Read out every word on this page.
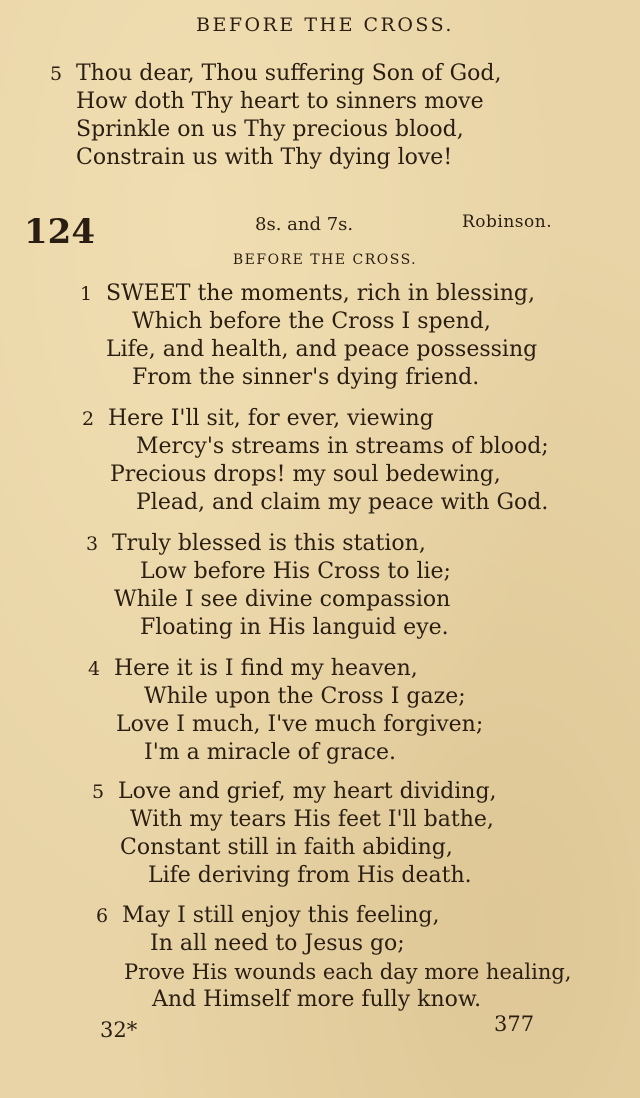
BEFORE THE CROSS.
5 Thou dear, Thou suffering Son of God,
How doth Thy heart to sinners move
Sprinkle on us Thy precious blood,
Constrain us with Thy dying love!
124	8s. and 7s.	Robinson.
BEFORE THE CROSS.
1 SWEET the moments, rich in blessing,
Which before the Cross I spend,
Life, and health, and peace possessing
From the sinner's dying friend.
2 Here I'll sit, for ever, viewing
Mercy's streams in streams of blood;
Precious drops! my soul bedewing,
Plead, and claim my peace with God.
3 Truly blessed is this station,
Low before His Cross to lie;
While I see divine compassion
Floating in His languid eye.
4 Here it is I find my heaven,
While upon the Cross I gaze;
Love I much, I've much forgiven;
I'm a miracle of grace.
5 Love and grief, my heart dividing,
With my tears His feet I'll bathe,
Constant still in faith abiding,
Life deriving from His death.
6 May I still enjoy this feeling,
In all need to Jesus go;
Prove His wounds each day more healing,
And Himself more fully know.
32*	377
